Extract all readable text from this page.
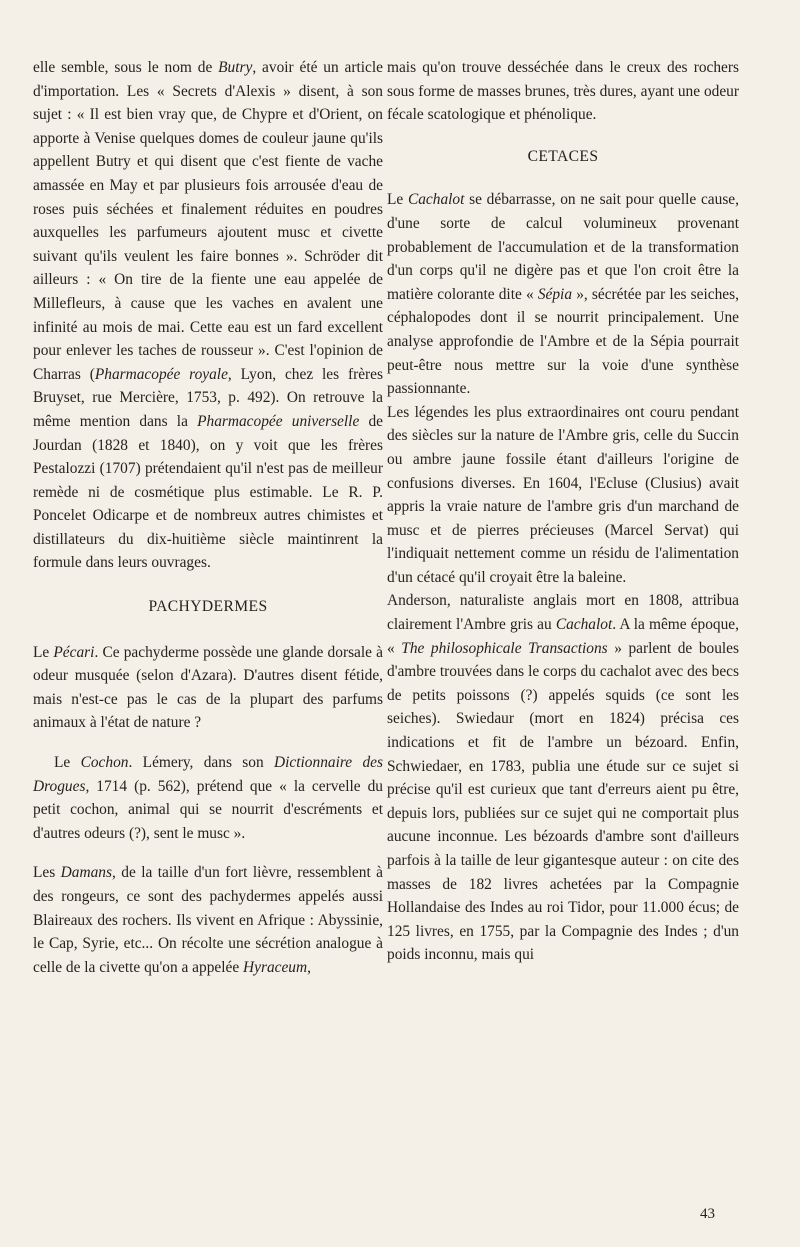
elle semble, sous le nom de Butry, avoir été un article d'importation. Les « Secrets d'Alexis » disent, à son sujet : « Il est bien vray que, de Chypre et d'Orient, on apporte à Venise quelques domes de couleur jaune qu'ils appellent Butry et qui disent que c'est fiente de vache amassée en May et par plusieurs fois arrousée d'eau de roses puis séchées et finalement réduites en poudres auxquelles les parfumeurs ajoutent musc et civette suivant qu'ils veulent les faire bonnes ». Schröder dit ailleurs : « On tire de la fiente une eau appelée de Millefleurs, à cause que les vaches en avalent une infinité au mois de mai. Cette eau est un fard excellent pour enlever les taches de rousseur ». C'est l'opinion de Charras (Pharmacopée royale, Lyon, chez les frères Bruyset, rue Mercière, 1753, p. 492). On retrouve la même mention dans la Pharmacopée universelle de Jourdan (1828 et 1840), on y voit que les frères Pestalozzi (1707) prétendaient qu'il n'est pas de meilleur remède ni de cosmétique plus estimable. Le R. P. Poncelet Odicarpe et de nombreux autres chimistes et distillateurs du dix-huitième siècle maintinrent la formule dans leurs ouvrages.

PACHYDERMES

Le Pécari. Ce pachyderme possède une glande dorsale à odeur musquée (selon d'Azara). D'autres disent fétide, mais n'est-ce pas le cas de la plupart des parfums animaux à l'état de nature ?

Le Cochon. Lémery, dans son Dictionnaire des Drogues, 1714 (p. 562), prétend que « la cervelle du petit cochon, animal qui se nourrit d'escréments et d'autres odeurs (?), sent le musc ».

Les Damans, de la taille d'un fort lièvre, ressemblent à des rongeurs, ce sont des pachydermes appelés aussi Blaireaux des rochers. Ils vivent en Afrique : Abyssinie, le Cap, Syrie, etc... On récolte une sécrétion analogue à celle de la civette qu'on a appelée Hyraceum,

mais qu'on trouve desséchée dans le creux des rochers sous forme de masses brunes, très dures, ayant une odeur fécale scatologique et phénolique.

CETACES

Le Cachalot se débarrasse, on ne sait pour quelle cause, d'une sorte de calcul volumineux provenant probablement de l'accumulation et de la transformation d'un corps qu'il ne digère pas et que l'on croit être la matière colorante dite « Sépia », sécrétée par les seiches, céphalopodes dont il se nourrit principalement. Une analyse approfondie de l'Ambre et de la Sépia pourrait peut-être nous mettre sur la voie d'une synthèse passionnante.

Les légendes les plus extraordinaires ont couru pendant des siècles sur la nature de l'Ambre gris, celle du Succin ou ambre jaune fossile étant d'ailleurs l'origine de confusions diverses. En 1604, l'Ecluse (Clusius) avait appris la vraie nature de l'ambre gris d'un marchand de musc et de pierres précieuses (Marcel Servat) qui l'indiquait nettement comme un résidu de l'alimentation d'un cétacé qu'il croyait être la baleine.

Anderson, naturaliste anglais mort en 1808, attribua clairement l'Ambre gris au Cachalot. A la même époque, « The philosophicale Transactions » parlent de boules d'ambre trouvées dans le corps du cachalot avec des becs de petits poissons (?) appelés squids (ce sont les seiches). Swiedaur (mort en 1824) précisa ces indications et fit de l'ambre un bézoard. Enfin, Schwiedaer, en 1783, publia une étude sur ce sujet si précise qu'il est curieux que tant d'erreurs aient pu être, depuis lors, publiées sur ce sujet qui ne comportait plus aucune inconnue. Les bézoards d'ambre sont d'ailleurs parfois à la taille de leur gigantesque auteur : on cite des masses de 182 livres achetées par la Compagnie Hollandaise des Indes au roi Tidor, pour 11.000 écus; de 125 livres, en 1755, par la Compagnie des Indes ; d'un poids inconnu, mais qui

43
